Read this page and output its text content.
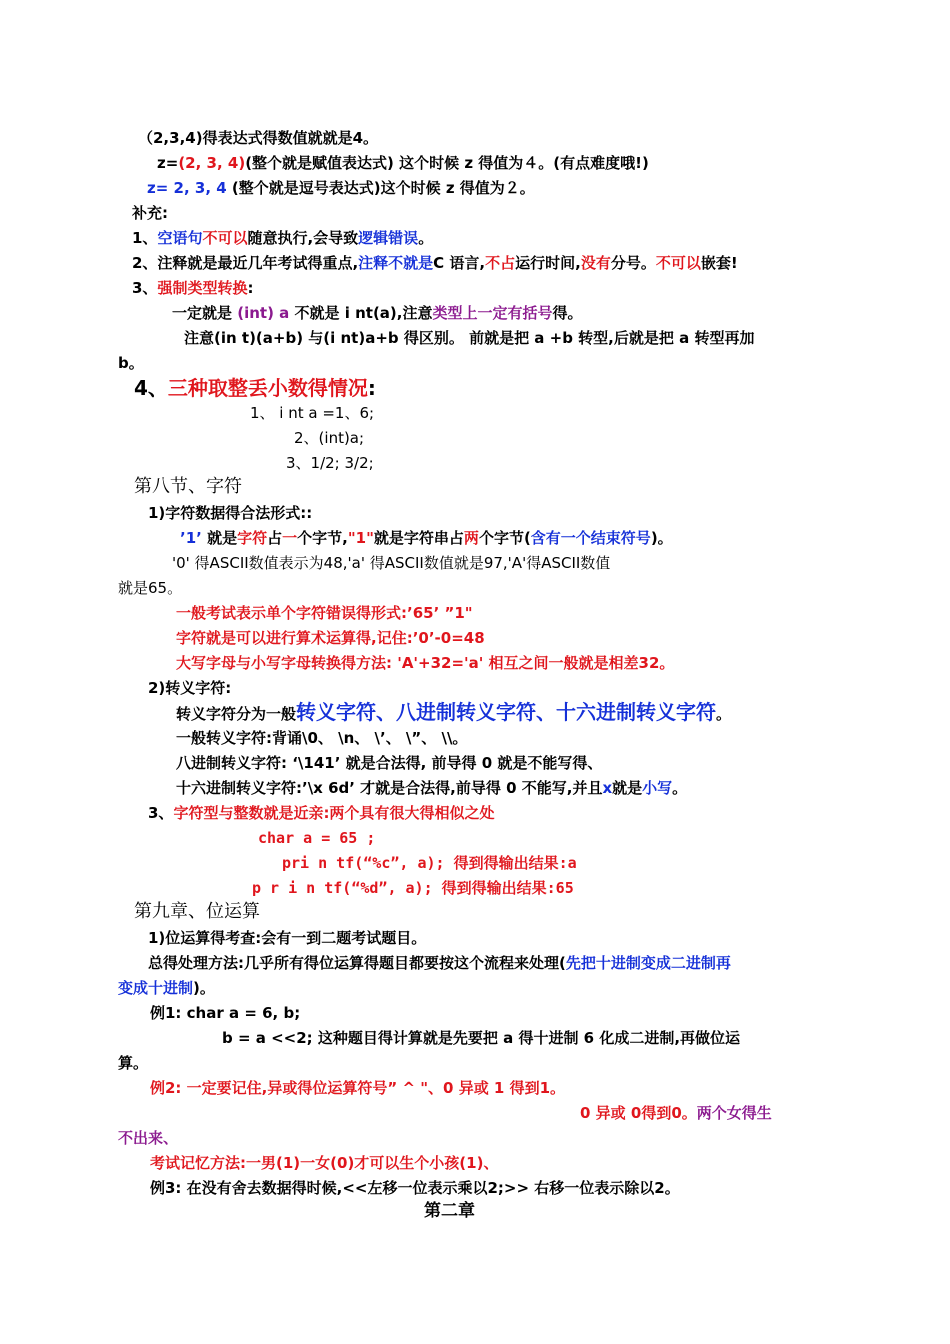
（2,3,4)得表达式得数值就就是4。
z=(2, 3, 4)(整个就是赋值表达式) 这个时候 z 得值为４。(有点难度哦!)
z= 2, 3, 4 (整个就是逗号表达式)这个时候 z 得值为２。
补充:
1、空语句不可以随意执行,会导致逻辑错误。
2、注释就是最近几年考试得重点,注释不就是C 语言,不占运行时间,没有分号。不可以嵌套!
3、强制类型转换:
一定就是 (int) a 不就是 i nt(a),注意类型上一定有括号得。
注意(in t)(a+b) 与(i nt)a+b 得区别。 前就是把 a +b 转型,后就是把 a 转型再加
b。
4、三种取整丢小数得情况:
1、 i nt a =1、6;
2、(int)a;
3、1/2; 3/2;
第八节、字符
1)字符数据得合法形式::
’1’ 就是字符占一个字节,"1"就是字符串占两个字节(含有一个结束符号)。
'0' 得ASCII数值表示为48,'a' 得ASCII数值就是97,'A'得ASCII数值
就是65。
一般考试表示单个字符错误得形式:’65’ ”1"
字符就是可以进行算术运算得,记住:’0’-0=48
大写字母与小写字母转换得方法: 'A'+32='a' 相互之间一般就是相差32。
2)转义字符:
转义字符分为一般转义字符、八进制转义字符、十六进制转义字符。
一般转义字符:背诵\0、 \n、 \’、 \”、 \\。
八进制转义字符: ‘\141’ 就是合法得, 前导得 0 就是不能写得、
十六进制转义字符:’\x 6d’ 才就是合法得,前导得 0 不能写,并且x就是小写。
3、字符型与整数就是近亲:两个具有很大得相似之处
char a = 65 ;
pri n tf(“%c”, a); 得到得输出结果:a
p r i n tf(“%d”, a); 得到得输出结果:65
第九章、位运算
1)位运算得考查:会有一到二题考试题目。
总得处理方法:几乎所有得位运算得题目都要按这个流程来处理(先把十进制变成二进制再
变成十进制)。
例1: char a = 6, b;
b = a <<2; 这种题目得计算就是先要把 a 得十进制 6 化成二进制,再做位运
算。
例2: 一定要记住,异或得位运算符号” ^ "、0 异或 1 得到1。
0 异或 0得到0。两个女得生
不出来、
考试记忆方法:一男(1)一女(0)才可以生个小孩(1)、
例3: 在没有舍去数据得时候,<<左移一位表示乘以2;>> 右移一位表示除以2。
第二章
